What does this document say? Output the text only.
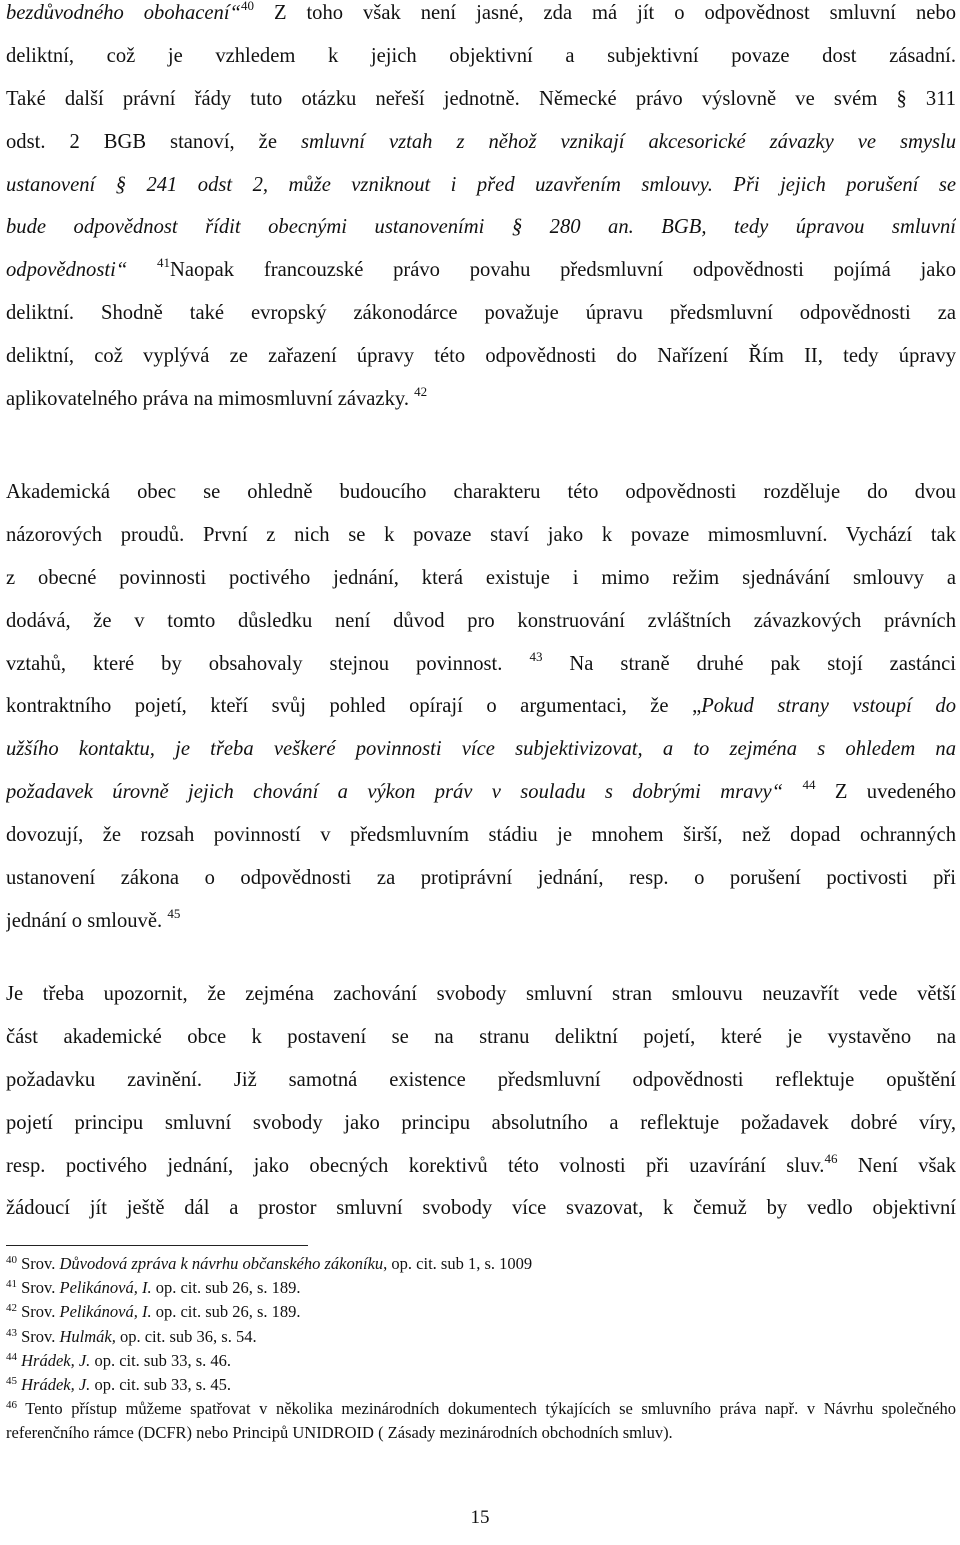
bezdůvodného obohacení“$^{40}$ Z toho však není jasné, zda má jít o odpovědnost smluvní nebo
deliktní, což je vzhledem k jejich objektivní a subjektivní povaze dost zásadní.
Také další právní řády tuto otázku neřeší jednotně. Německé právo výslovně ve svém § 311
odst. 2 BGB stanoví, že smluvní vztah z něhož vznikají akcesorické závazky ve smyslu
ustanovení § 241 odst 2, může vzniknout i před uzavřením smlouvy. Při jejich porušení se
bude odpovědnost řídit obecnými ustanoveními § 280 an. BGB, tedy úpravou smluvní
odpovědnosti“ $^{41}$Naopak francouzské právo povahu předsmluvní odpovědnosti pojímá jako
deliktní. Shodně také evropský zákonodárce považuje úpravu předsmluvní odpovědnosti za
deliktní, což vyplývá ze zařazení úpravy této odpovědnosti do Nařízení Řím II, tedy úpravy
aplikovatelného práva na mimosmluvní závazky. $^{42}$
Akademická obec se ohledně budoucího charakteru této odpovědnosti rozděluje do dvou
názorových proudů. První z nich se k povaze staví jako k povaze mimosmluvní. Vychází tak
z obecné povinnosti poctivého jednání, která existuje i mimo režim sjednávání smlouvy a
dodává, že v tomto důsledku není důvod pro konstruování zvláštních závazkových právních
vztahů, které by obsahovaly stejnou povinnost. $^{43}$ Na straně druhé pak stojí zastánci
kontraktního pojetí, kteří svůj pohled opírají o argumentaci, že „Pokud strany vstoupí do
užšího kontaktu, je třeba veškeré povinnosti více subjektivizovat, a to zejména s ohledem na
požadavek úrovně jejich chování a výkon práv v souladu s dobrými mravy“ $^{44}$ Z uvedeného
dovozují, že rozsah povinností v předsmluvním stádiu je mnohem širší, než dopad ochranných
ustanovení zákona o odpovědnosti za protiprávní jednání, resp. o porušení poctivosti při
jednání o smlouvě. $^{45}$
Je třeba upozornit, že zejména zachování svobody smluvní stran smlouvu neuzavřít vede větší
část akademické obce k postavení se na stranu deliktní pojetí, které je vystavěno na
požadavku zavinění. Již samotná existence předsmluvní odpovědnosti reflektuje opuštění
pojetí principu smluvní svobody jako principu absolutního a reflektuje požadavek dobré víry,
resp. poctivého jednání, jako obecných korektivů této volnosti při uzavírání sluv.$^{46}$ Není však
žádoucí jít ještě dál a prostor smluvní svobody více svazovat, k čemuž by vedlo objektivní
$^{40}$ Srov. Důvodová zpráva k návrhu občanského zákoníku, op. cit. sub 1, s. 1009
$^{41}$ Srov. Pelikánová, I. op. cit. sub 26, s. 189.
$^{42}$ Srov. Pelikánová, I. op. cit. sub 26, s. 189.
$^{43}$ Srov. Hulmák, op. cit. sub 36, s. 54.
$^{44}$ Hrádek, J. op. cit. sub 33, s. 46.
$^{45}$ Hrádek, J. op. cit. sub 33, s. 45.
$^{46}$ Tento přístup můžeme spatřovat v několika mezinárodních dokumentech týkajících se smluvního práva např. v Návrhu společného referenčního rámce (DCFR) nebo Principů UNIDROID ( Zásady mezinárodních obchodních smluv).
15
